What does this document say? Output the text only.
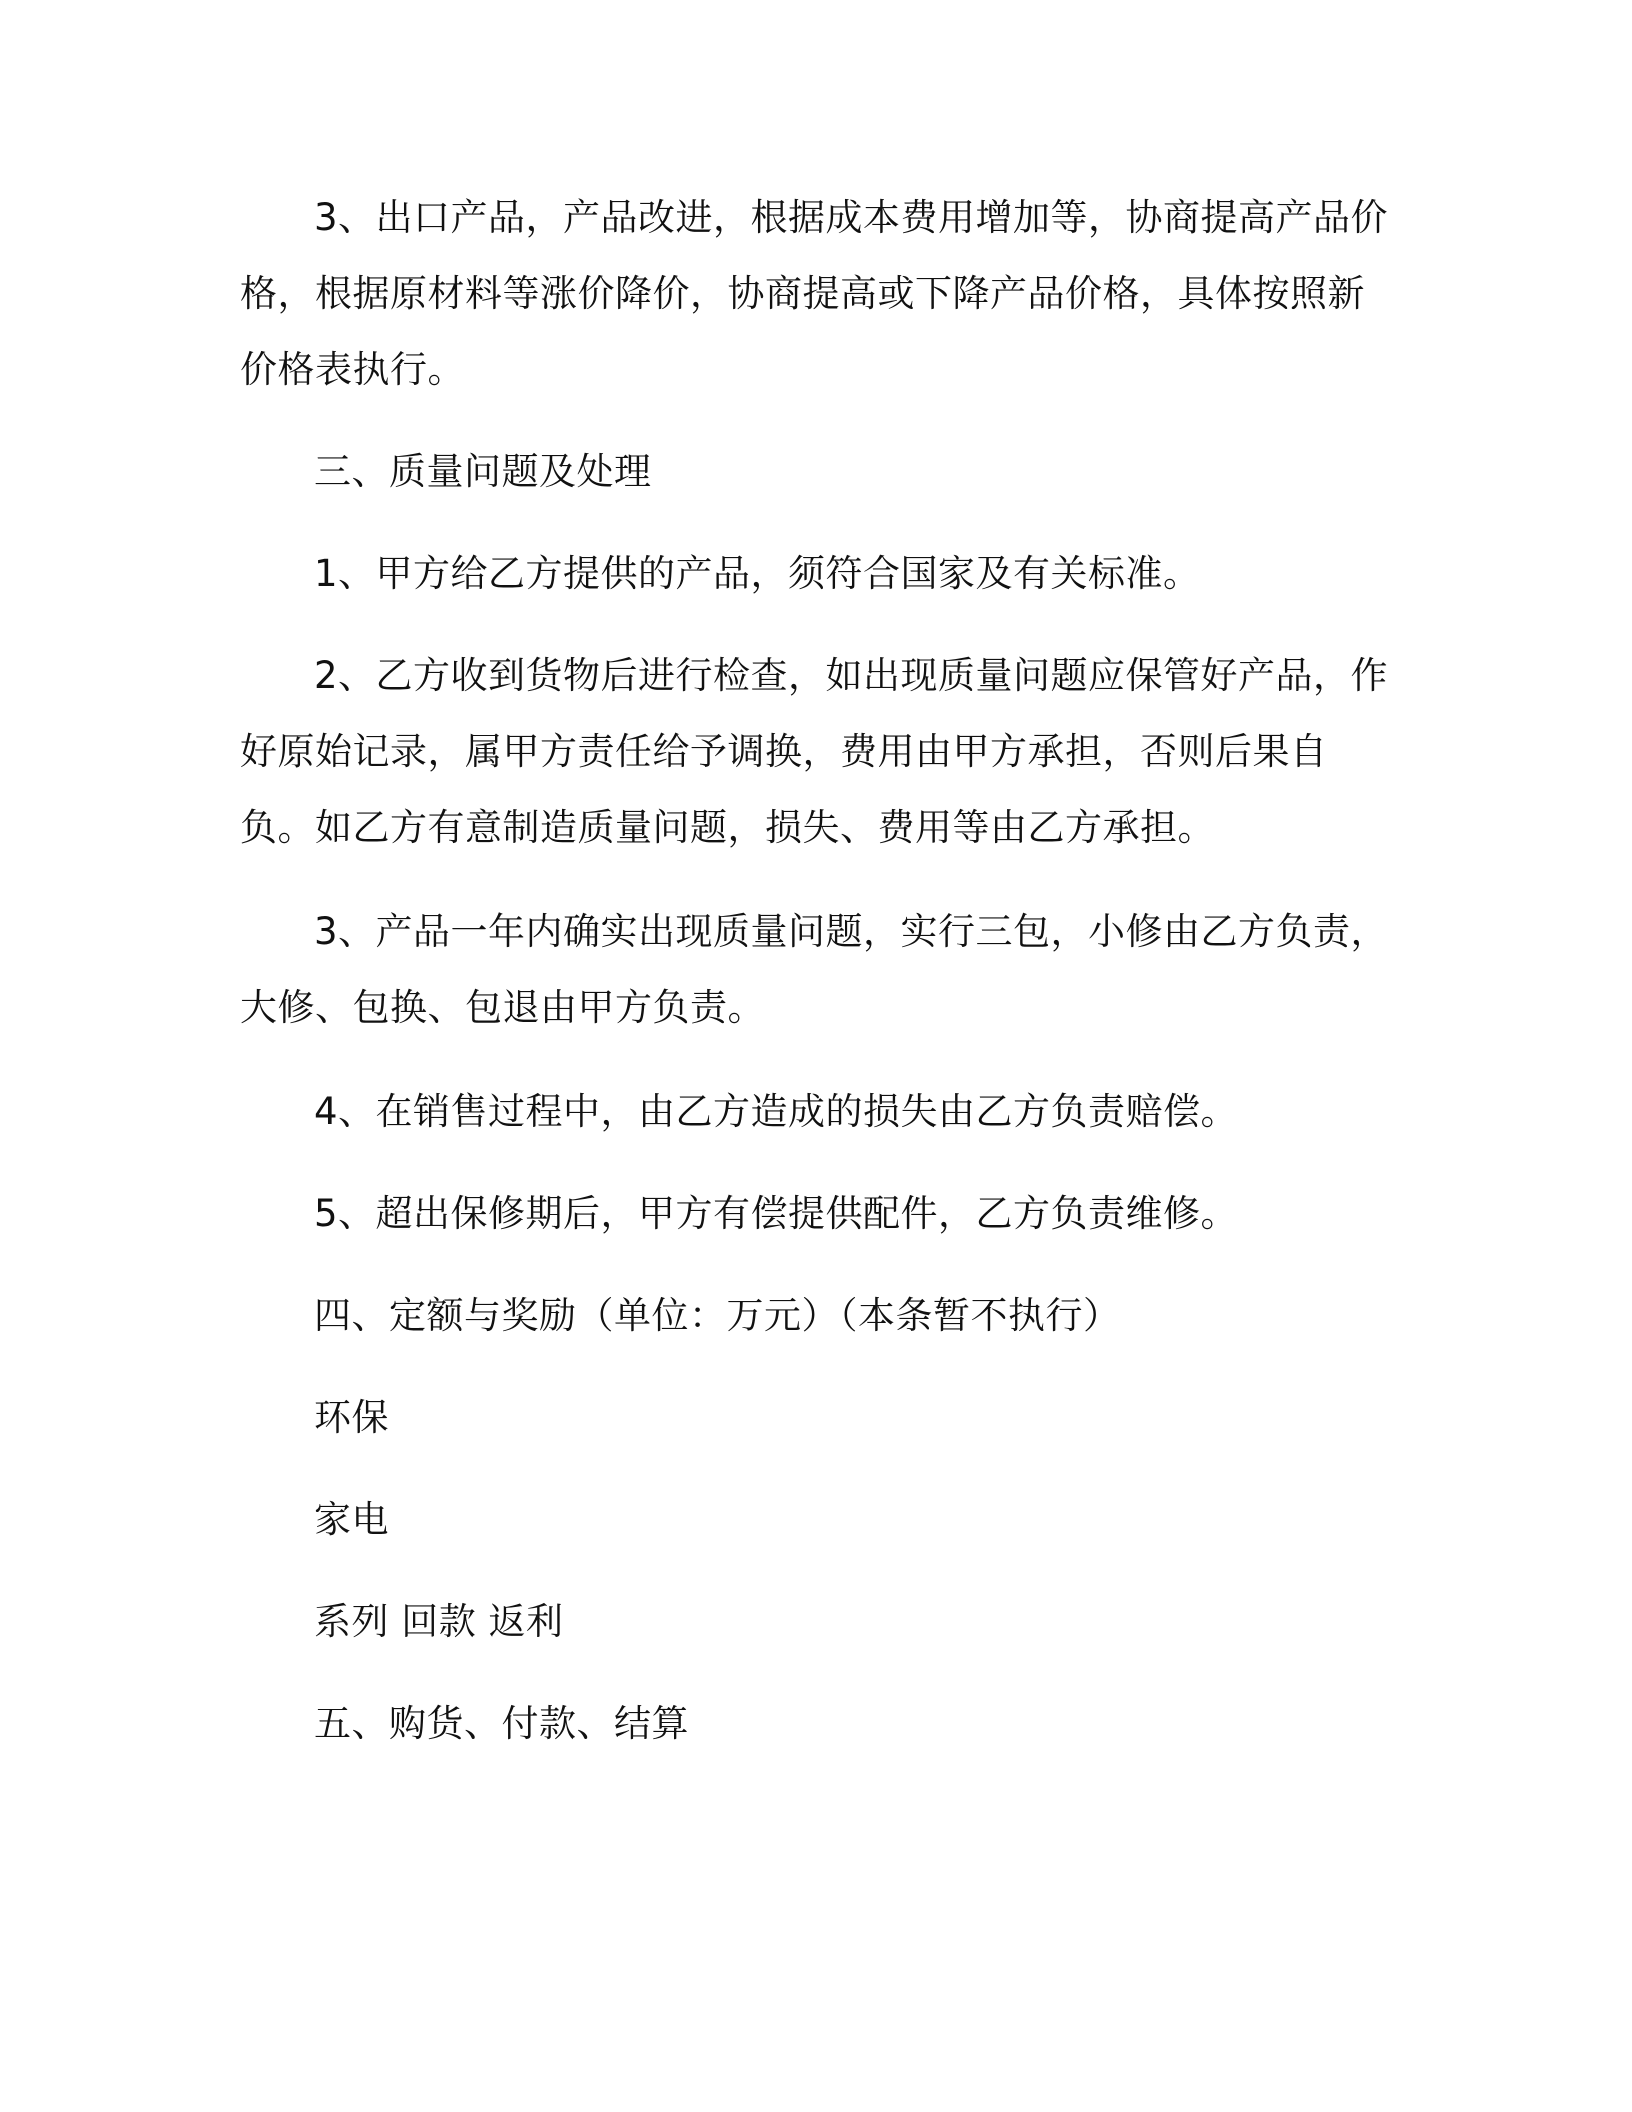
3、出口产品，产品改进，根据成本费用增加等，协商提高产品价格，根据原材料等涨价降价，协商提高或下降产品价格，具体按照新价格表执行。

三、质量问题及处理

1、甲方给乙方提供的产品，须符合国家及有关标准。

2、乙方收到货物后进行检查，如出现质量问题应保管好产品，作好原始记录，属甲方责任给予调换，费用由甲方承担，否则后果自负。如乙方有意制造质量问题，损失、费用等由乙方承担。

3、产品一年内确实出现质量问题，实行三包，小修由乙方负责，大修、包换、包退由甲方负责。

4、在销售过程中，由乙方造成的损失由乙方负责赔偿。

5、超出保修期后，甲方有偿提供配件，乙方负责维修。

四、定额与奖励（单位：万元）（本条暂不执行）

环保

家电

系列 回款 返利

五、购货、付款、结算
